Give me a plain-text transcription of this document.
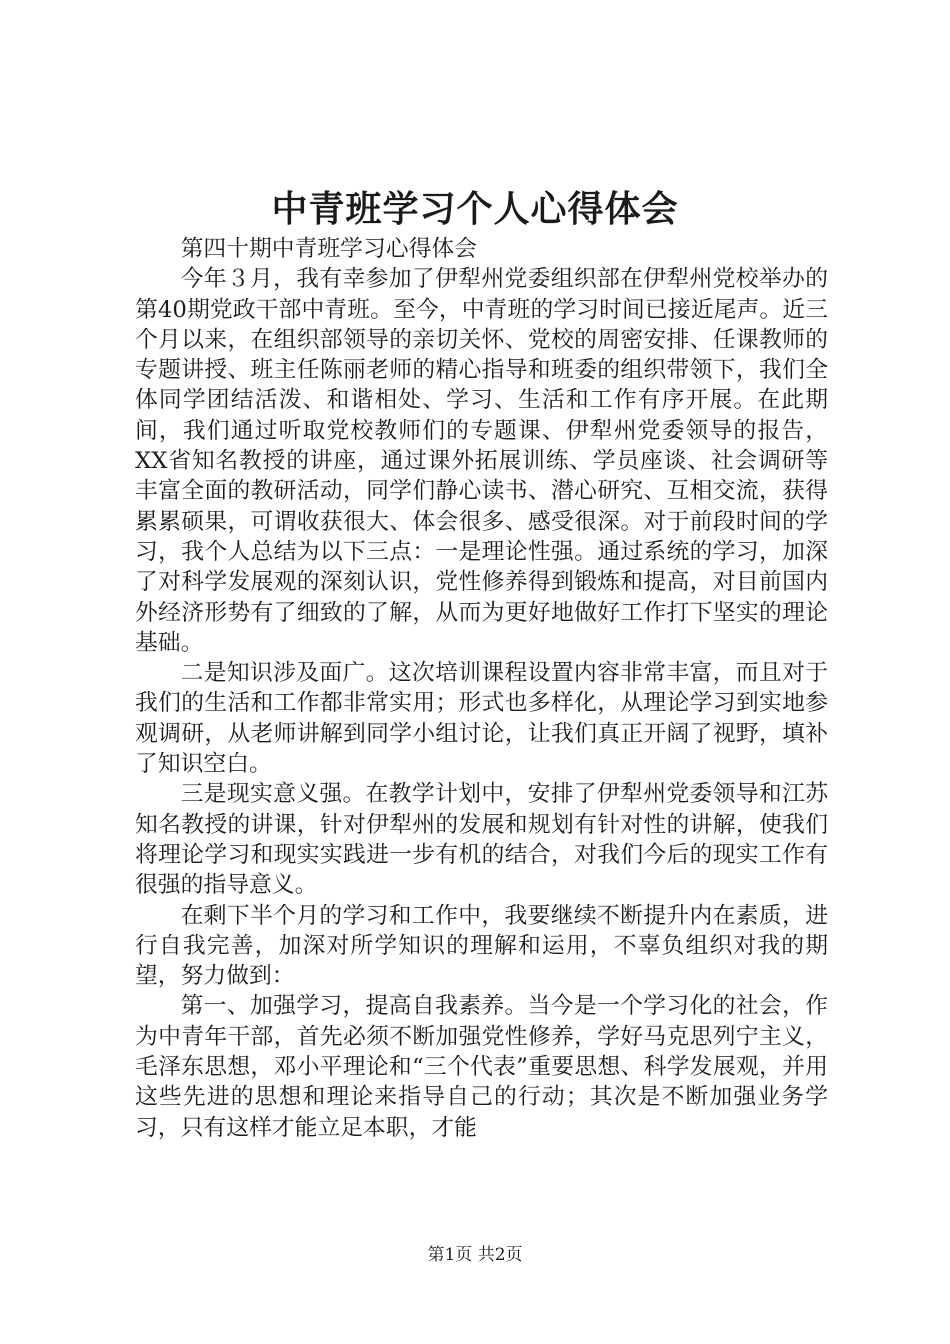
中青班学习个人心得体会

第四十期中青班学习心得体会

今年３月，我有幸参加了伊犁州党委组织部在伊犁州党校举办的第40期党政干部中青班。至今，中青班的学习时间已接近尾声。近三个月以来，在组织部领导的亲切关怀、党校的周密安排、任课教师的专题讲授、班主任陈丽老师的精心指导和班委的组织带领下，我们全体同学团结活泼、和谐相处、学习、生活和工作有序开展。在此期间，我们通过听取党校教师们的专题课、伊犁州党委领导的报告，XX省知名教授的讲座，通过课外拓展训练、学员座谈、社会调研等丰富全面的教研活动，同学们静心读书、潜心研究、互相交流，获得累累硕果，可谓收获很大、体会很多、感受很深。对于前段时间的学习，我个人总结为以下三点：一是理论性强。通过系统的学习，加深了对科学发展观的深刻认识，党性修养得到锻炼和提高，对目前国内外经济形势有了细致的了解，从而为更好地做好工作打下坚实的理论基础。

二是知识涉及面广。这次培训课程设置内容非常丰富，而且对于我们的生活和工作都非常实用；形式也多样化，从理论学习到实地参观调研，从老师讲解到同学小组讨论，让我们真正开阔了视野，填补了知识空白。

三是现实意义强。在教学计划中，安排了伊犁州党委领导和江苏知名教授的讲课，针对伊犁州的发展和规划有针对性的讲解，使我们将理论学习和现实实践进一步有机的结合，对我们今后的现实工作有很强的指导意义。

在剩下半个月的学习和工作中，我要继续不断提升内在素质，进行自我完善，加深对所学知识的理解和运用，不辜负组织对我的期望，努力做到：

第一、加强学习，提高自我素养。当今是一个学习化的社会，作为中青年干部，首先必须不断加强党性修养，学好马克思列宁主义，毛泽东思想，邓小平理论和“三个代表”重要思想、科学发展观，并用这些先进的思想和理论来指导自己的行动；其次是不断加强业务学习，只有这样才能立足本职，才能

第1页 共2页
